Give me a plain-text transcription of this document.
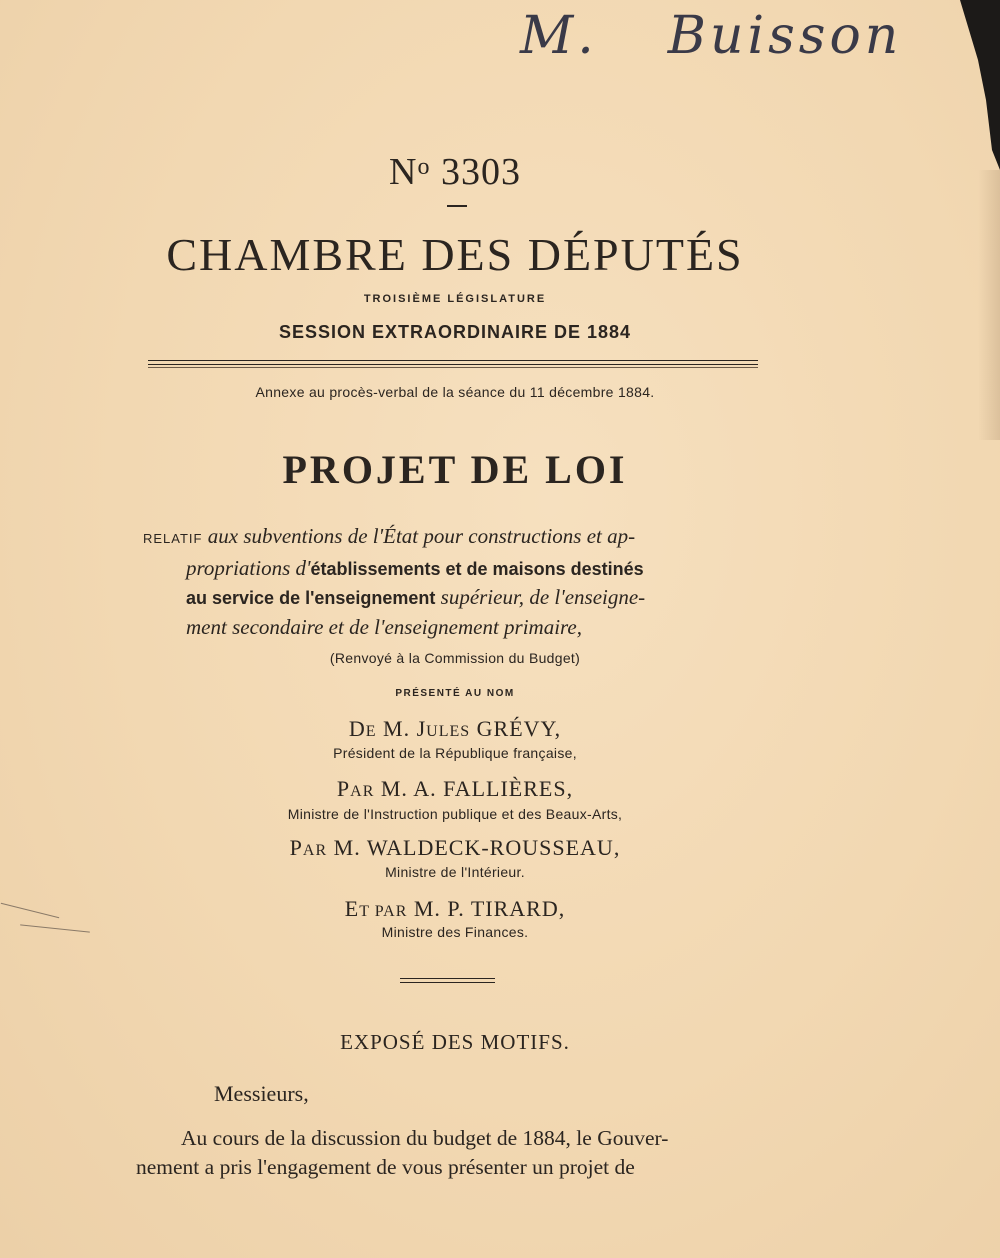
M. Buisson
$N^o$ 3303
CHAMBRE DES DÉPUTÉS
TROISIÈME LÉGISLATURE
SESSION EXTRAORDINAIRE DE 1884
Annexe au procès-verbal de la séance du 11 décembre 1884.
PROJET DE LOI

RELATIF aux subventions de l'État pour constructions et ap-

propriations d'établissements et de maisons destinés

au service de l'enseignement supérieur, de l'enseigne-

ment secondaire et de l'enseignement primaire,

(Renvoyé à la Commission du Budget)
PRÉSENTÉ AU NOM
DE M. JULES GRÉVY,
Président de la République française,
PAR M. A. FALLIÈRES,
Ministre de l'Instruction publique et des Beaux-Arts,
PAR M. WALDECK-ROUSSEAU,
Ministre de l'Intérieur.
ET PAR M. P. TIRARD,
Ministre des Finances.
EXPOSÉ DES MOTIFS.
Messieurs,

Au cours de la discussion du budget de 1884, le Gouver-

nement a pris l'engagement de vous présenter un projet de
